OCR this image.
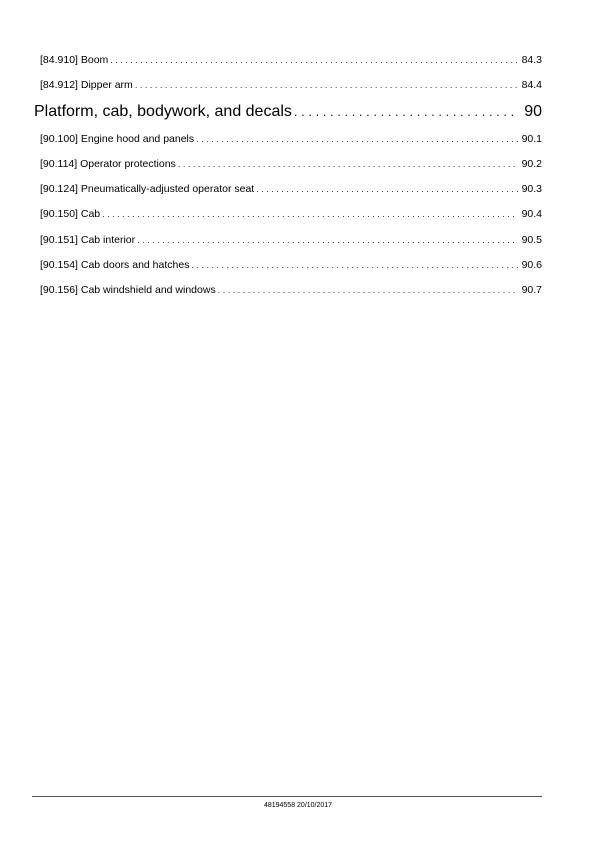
[84.910] Boom . . .	84.3
[84.912] Dipper arm . . .	84.4
Platform, cab, bodywork, and decals . . .	90
[90.100] Engine hood and panels . . .	90.1
[90.114] Operator protections . . .	90.2
[90.124] Pneumatically-adjusted operator seat . . .	90.3
[90.150] Cab . . .	90.4
[90.151] Cab interior . . .	90.5
[90.154] Cab doors and hatches . . .	90.6
[90.156] Cab windshield and windows . . .	90.7
48194558 20/10/2017
